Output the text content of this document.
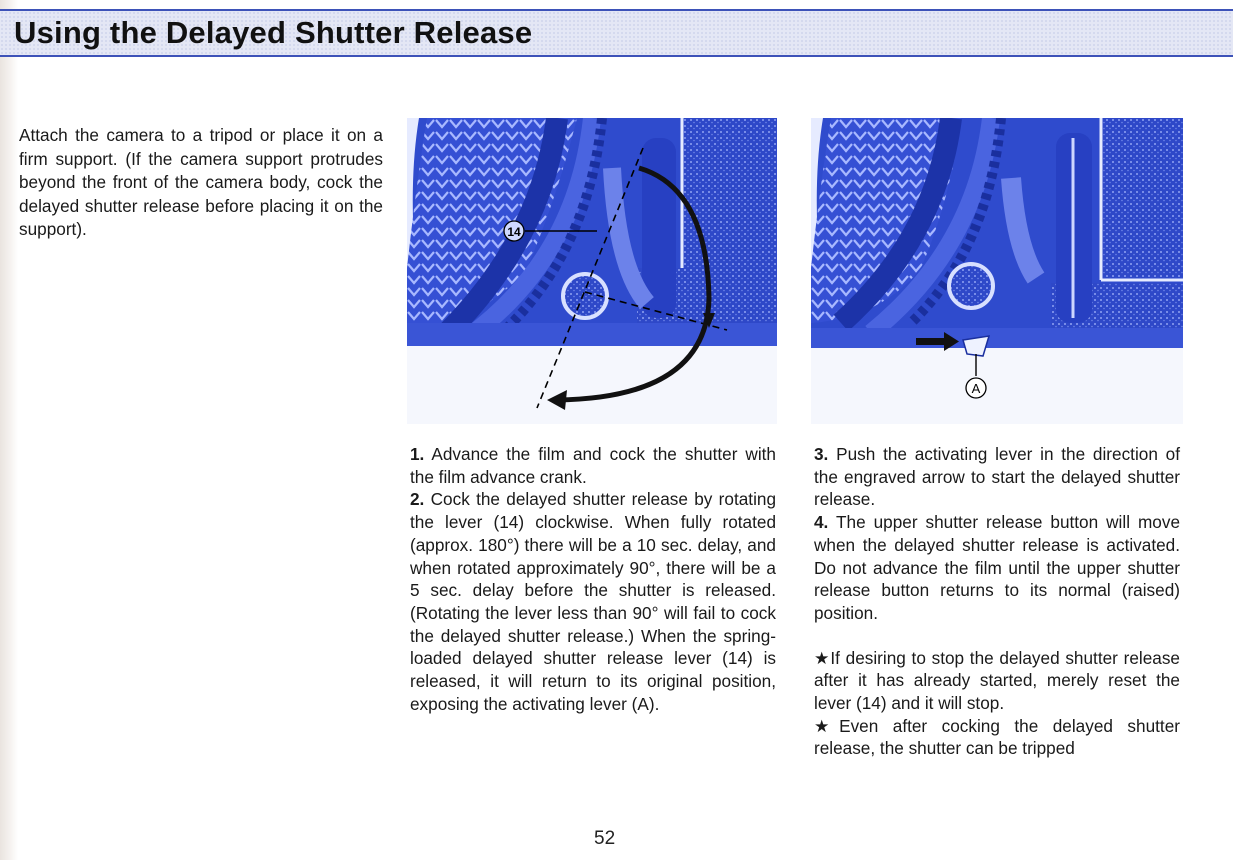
Using the Delayed Shutter Release
Attach the camera to a tripod or place it on a firm support. (If the camera support protrudes beyond the front of the camera body, cock the delayed shutter release before placing it on the support).	14
A

1. Advance the film and cock the shutter with the film advance crank.

2. Cock the delayed shutter release by rotating the lever (14) clockwise. When fully rotated (approx. 180°) there will be a 10 sec. delay, and when rotated approximately 90°, there will be a 5 sec. delay before the shutter is released. (Rotating the lever less than 90° will fail to cock the delayed shutter release.) When the spring-loaded delayed shutter release lever (14) is released, it will return to its original position, exposing the activating lever (A).

3. Push the activating lever in the direction of the engraved arrow to start the delayed shutter release.

4. The upper shutter release button will move when the delayed shutter release is activated. Do not advance the film until the upper shutter release button returns to its normal (raised) position.

★If desiring to stop the delayed shutter release after it has already started, merely reset the lever (14) and it will stop.

★Even after cocking the delayed shutter release, the shutter can be tripped

52
